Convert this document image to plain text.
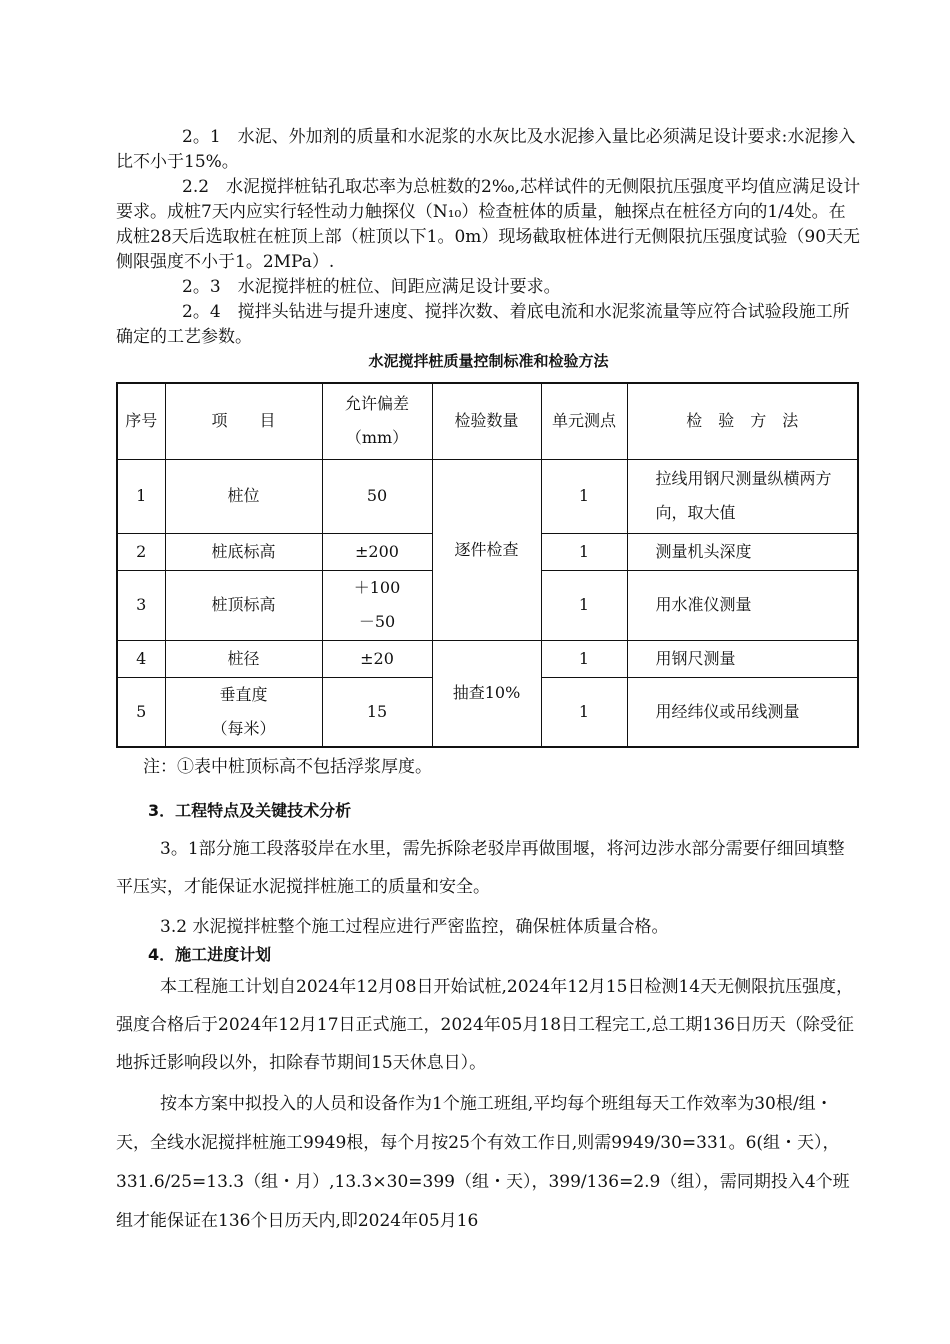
2。1　水泥、外加剂的质量和水泥浆的水灰比及水泥掺入量比必须满足设计要求:水泥掺入比不小于15%。

2.2　水泥搅拌桩钻孔取芯率为总桩数的2‰,芯样试件的无侧限抗压强度平均值应满足设计要求。成桩7天内应实行轻性动力触探仪（N₁₀）检查桩体的质量，触探点在桩径方向的1/4处。在成桩28天后选取桩在桩顶上部（桩顶以下1。0m）现场截取桩体进行无侧限抗压强度试验（90天无侧限强度不小于1。2MPa）.

2。3　水泥搅拌桩的桩位、间距应满足设计要求。

2。4　搅拌头钻进与提升速度、搅拌次数、着底电流和水泥浆流量等应符合试验段施工所确定的工艺参数。

水泥搅拌桩质量控制标准和检验方法

序号	项　　目	允许偏差（mm）	检验数量	单元测点	检　验　方　法
1	桩位	50	逐件检查	1	拉线用钢尺测量纵横两方向，取大值
2	桩底标高	±200		1	测量机头深度
3	桩顶标高	＋100
－50		1	用水准仪测量
4	桩径	±20	抽查10%	1	用钢尺测量
5	垂直度
（每米）	15		1	用经纬仪或吊线测量

注：①表中桩顶标高不包括浮浆厚度。

3．工程特点及关键技术分析

3。1部分施工段落驳岸在水里，需先拆除老驳岸再做围堰，将河边涉水部分需要仔细回填整平压实，才能保证水泥搅拌桩施工的质量和安全。

3.2 水泥搅拌桩整个施工过程应进行严密监控，确保桩体质量合格。

4．施工进度计划

本工程施工计划自2024年12月08日开始试桩,2024年12月15日检测14天无侧限抗压强度，强度合格后于2024年12月17日正式施工，2024年05月18日工程完工,总工期136日历天（除受征地拆迁影响段以外，扣除春节期间15天休息日）。

按本方案中拟投入的人员和设备作为1个施工班组,平均每个班组每天工作效率为30根/组・天，全线水泥搅拌桩施工9949根，每个月按25个有效工作日,则需9949/30=331。6(组・天），331.6/25=13.3（组・月）,13.3×30=399（组・天），399/136=2.9（组），需同期投入4个班组才能保证在136个日历天内,即2024年05月16
